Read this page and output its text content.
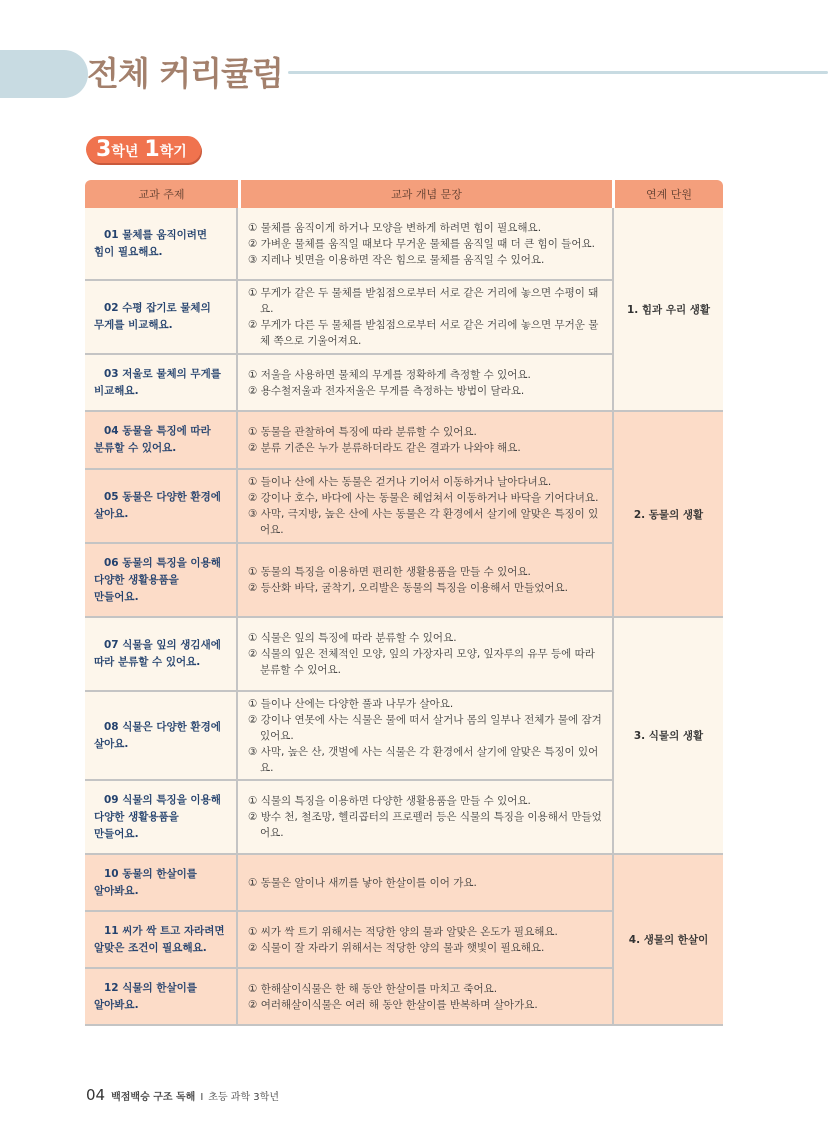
전체 커리큘럼
3 학년 1 학기
교과 주제	교과 개념 문장	연계 단원

01 물체를 움직이려면
힘이 필요해요.	① 물체를 움직이게 하거나 모양을 변하게 하려면 힘이 필요해요.
② 가벼운 물체를 움직일 때보다 무거운 물체를 움직일 때 더 큰 힘이 들어요.
③ 지레나 빗면을 이용하면 작은 힘으로 물체를 움직일 수 있어요.	1. 힘과 우리 생활

02 수평 잡기로 물체의
무게를 비교해요.	① 무게가 같은 두 물체를 받침점으로부터 서로 같은 거리에 놓으면 수평이 돼요.
② 무게가 다른 두 물체를 받침점으로부터 서로 같은 거리에 놓으면 무거운 물체 쪽으로 기울어져요.	

03 저울로 물체의 무게를
비교해요.	① 저울을 사용하면 물체의 무게를 정확하게 측정할 수 있어요.
② 용수철저울과 전자저울은 무게를 측정하는 방법이 달라요.	

04 동물을 특징에 따라
분류할 수 있어요.	① 동물을 관찰하여 특징에 따라 분류할 수 있어요.
② 분류 기준은 누가 분류하더라도 같은 결과가 나와야 해요.	2. 동물의 생활

05 동물은 다양한 환경에
살아요.	① 들이나 산에 사는 동물은 걷거나 기어서 이동하거나 날아다녀요.
② 강이나 호수, 바다에 사는 동물은 헤엄쳐서 이동하거나 바닥을 기어다녀요.
③ 사막, 극지방, 높은 산에 사는 동물은 각 환경에서 살기에 알맞은 특징이 있어요.	

06 동물의 특징을 이용해
다양한 생활용품을
만들어요.	① 동물의 특징을 이용하면 편리한 생활용품을 만들 수 있어요.
② 등산화 바닥, 굴착기, 오리발은 동물의 특징을 이용해서 만들었어요.	

07 식물을 잎의 생김새에
따라 분류할 수 있어요.	① 식물은 잎의 특징에 따라 분류할 수 있어요.
② 식물의 잎은 전체적인 모양, 잎의 가장자리 모양, 잎자루의 유무 등에 따라 분류할 수 있어요.	3. 식물의 생활

08 식물은 다양한 환경에
살아요.	① 들이나 산에는 다양한 풀과 나무가 살아요.
② 강이나 연못에 사는 식물은 물에 떠서 살거나 몸의 일부나 전체가 물에 잠겨 있어요.
③ 사막, 높은 산, 갯벌에 사는 식물은 각 환경에서 살기에 알맞은 특징이 있어요.	

09 식물의 특징을 이용해
다양한 생활용품을
만들어요.	① 식물의 특징을 이용하면 다양한 생활용품을 만들 수 있어요.
② 방수 천, 철조망, 헬리콥터의 프로펠러 등은 식물의 특징을 이용해서 만들었어요.	

10 동물의 한살이를
알아봐요.	① 동물은 알이나 새끼를 낳아 한살이를 이어 가요.	4. 생물의 한살이

11 씨가 싹 트고 자라려면
알맞은 조건이 필요해요.	① 씨가 싹 트기 위해서는 적당한 양의 물과 알맞은 온도가 필요해요.
② 식물이 잘 자라기 위해서는 적당한 양의 물과 햇빛이 필요해요.	

12 식물의 한살이를
알아봐요.	① 한해살이식물은 한 해 동안 한살이를 마치고 죽어요.
② 여러해살이식물은 여러 해 동안 한살이를 반복하며 살아가요.	
04 백점백승 구조 독해 I 초등 과학 3학년
